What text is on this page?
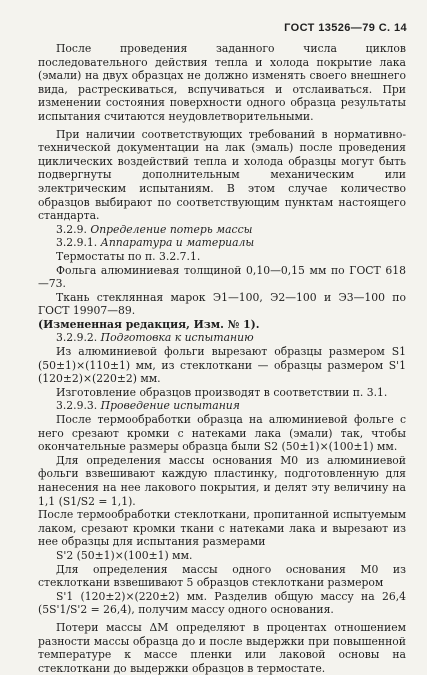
ГОСТ 13526—79 С. 14

После проведения заданного числа циклов последовательного действия тепла и холода покрытие лака (эмали) на двух образцах не должно изменять своего внешнего вида, растрескиваться, вспучиваться и отслаиваться. При изменении состояния поверхности одного образца результаты испытания считаются неудовлетворительными.

При наличии соответствующих требований в нормативно-технической документации на лак (эмаль) после проведения циклических воздействий тепла и холода образцы могут быть подвергнуты дополнительным механическим или электрическим испытаниям. В этом случае количество образцов выбирают по соответствующим пунктам настоящего стандарта.

3.2.9. Определение потерь массы

3.2.9.1. Аппаратура и материалы

Термостаты по п. 3.2.7.1.

Фольга алюминиевая толщиной 0,10—0,15 мм по ГОСТ 618—73.

Ткань стеклянная марок Э1—100, Э2—100 и Э3—100 по ГОСТ 19907—89.

(Измененная редакция, Изм. № 1).

3.2.9.2. Подготовка к испытанию

Из алюминиевой фольги вырезают образцы размером S1 (50±1)×(110±1) мм, из стеклоткани — образцы размером S'1 (120±2)×(220±2) мм.

Изготовление образцов производят в соответствии п. 3.1.

3.2.9.3. Проведение испытания

После термообработки образца на алюминиевой фольге с него срезают кромки с натеками лака (эмали) так, чтобы окончательные размеры образца были S2 (50±1)×(100±1) мм.

Для определения массы основания M0 из алюминиевой фольги взвешивают каждую пластинку, подготовленную для нанесения на нее лакового покрытия, и делят эту величину на 1,1 (S1/S2 = 1,1).

После термообработки стеклоткани, пропитанной испытуемым лаком, срезают кромки ткани с натеками лака и вырезают из нее образцы для испытания размерами

S'2 (50±1)×(100±1) мм.

Для определения массы одного основания M0 из стеклоткани взвешивают 5 образцов стеклоткани размером

S'1 (120±2)×(220±2) мм. Разделив общую массу на 26,4 (5S'1/S'2 = 26,4), получим массу одного основания.

Потери массы ΔM определяют в процентах отношением разности массы образца до и после выдержки при повышенной температуре к массе пленки или лаковой основы на стеклоткани до выдержки образцов в термостате.
